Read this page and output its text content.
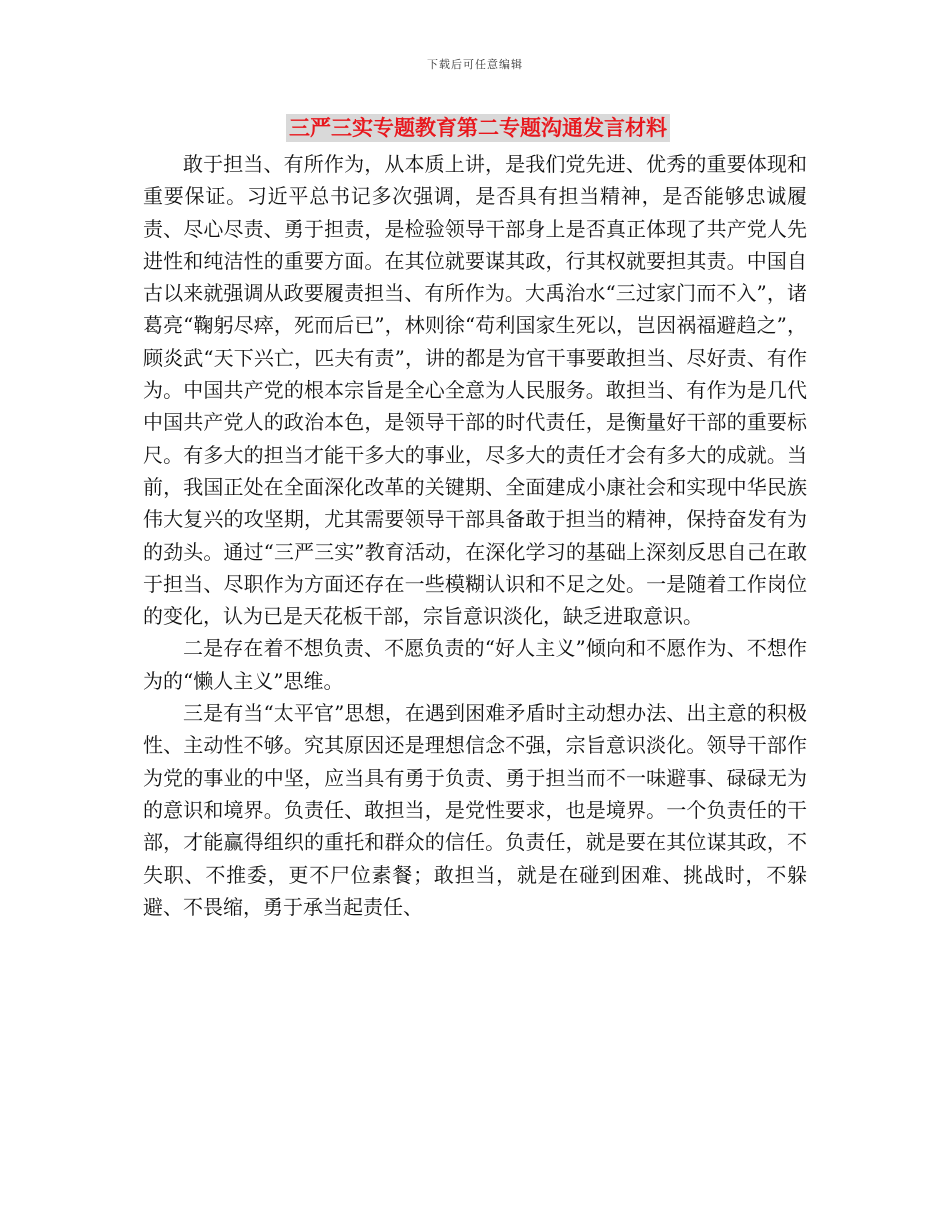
下载后可任意编辑
三严三实专题教育第二专题沟通发言材料

敢于担当、有所作为，从本质上讲，是我们党先进、优秀的重要体现和重要保证。习近平总书记多次强调，是否具有担当精神，是否能够忠诚履责、尽心尽责、勇于担责，是检验领导干部身上是否真正体现了共产党人先进性和纯洁性的重要方面。在其位就要谋其政，行其权就要担其责。中国自古以来就强调从政要履责担当、有所作为。大禹治水“三过家门而不入”，诸葛亮“鞠躬尽瘁，死而后已”，林则徐“苟利国家生死以，岂因祸福避趋之”，顾炎武“天下兴亡，匹夫有责”，讲的都是为官干事要敢担当、尽好责、有作为。中国共产党的根本宗旨是全心全意为人民服务。敢担当、有作为是几代中国共产党人的政治本色，是领导干部的时代责任，是衡量好干部的重要标尺。有多大的担当才能干多大的事业，尽多大的责任才会有多大的成就。当前，我国正处在全面深化改革的关键期、全面建成小康社会和实现中华民族伟大复兴的攻坚期，尤其需要领导干部具备敢于担当的精神，保持奋发有为的劲头。通过“三严三实”教育活动，在深化学习的基础上深刻反思自己在敢于担当、尽职作为方面还存在一些模糊认识和不足之处。一是随着工作岗位的变化，认为已是天花板干部，宗旨意识淡化，缺乏进取意识。

二是存在着不想负责、不愿负责的“好人主义”倾向和不愿作为、不想作为的“懒人主义”思维。

三是有当“太平官”思想，在遇到困难矛盾时主动想办法、出主意的积极性、主动性不够。究其原因还是理想信念不强，宗旨意识淡化。领导干部作为党的事业的中坚，应当具有勇于负责、勇于担当而不一味避事、碌碌无为的意识和境界。负责任、敢担当，是党性要求，也是境界。一个负责任的干部，才能赢得组织的重托和群众的信任。负责任，就是要在其位谋其政，不失职、不推委，更不尸位素餐；敢担当，就是在碰到困难、挑战时，不躲避、不畏缩，勇于承当起责任、
